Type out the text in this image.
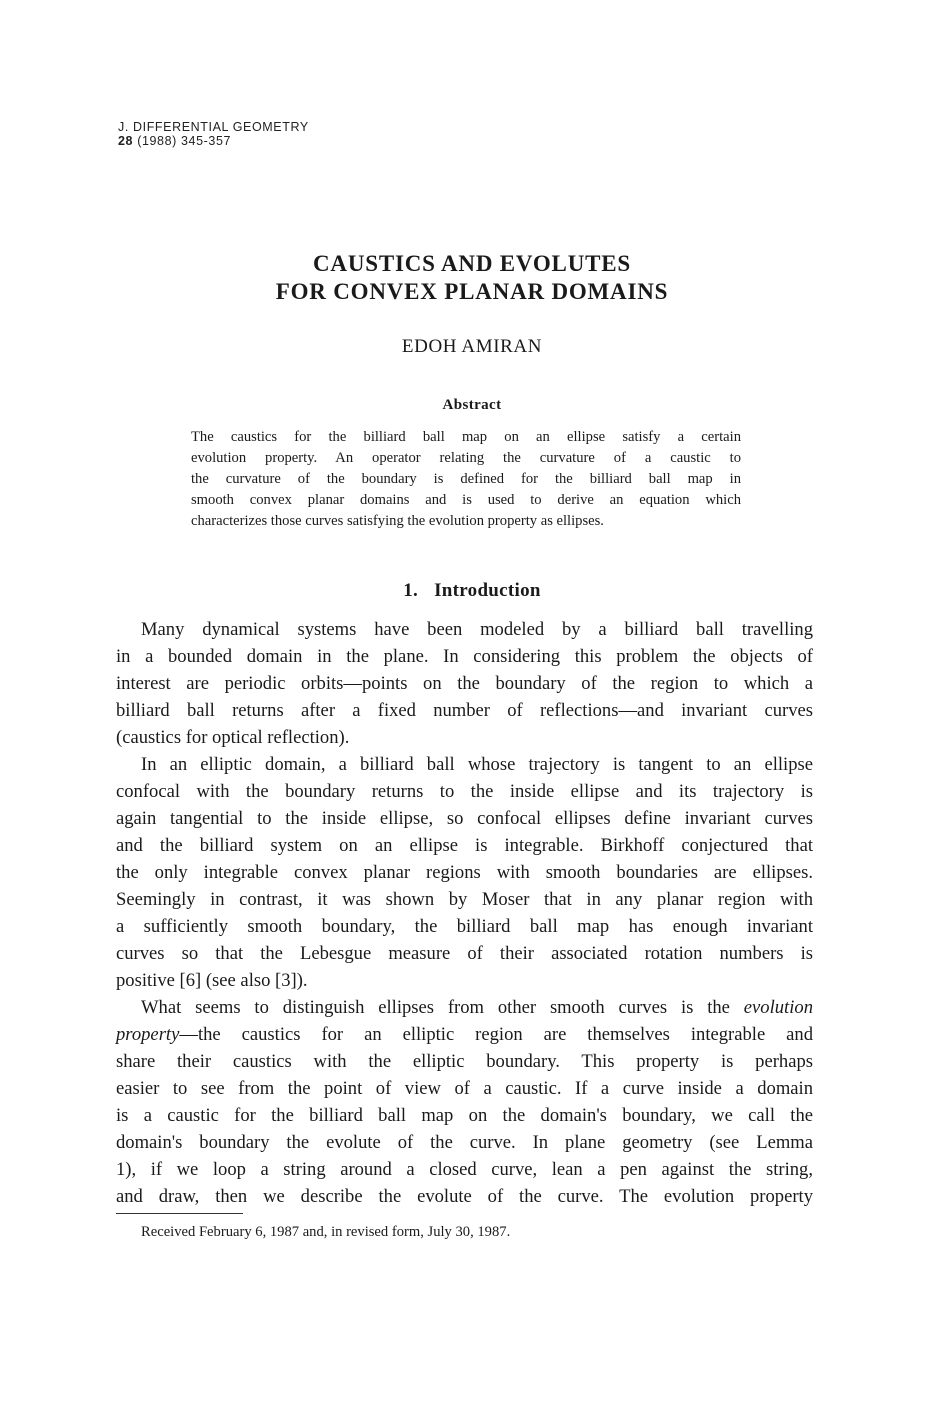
J. DIFFERENTIAL GEOMETRY
28 (1988) 345-357
CAUSTICS AND EVOLUTES
FOR CONVEX PLANAR DOMAINS
EDOH AMIRAN
Abstract
The caustics for the billiard ball map on an ellipse satisfy a certain
evolution property. An operator relating the curvature of a caustic to
the curvature of the boundary is defined for the billiard ball map in
smooth convex planar domains and is used to derive an equation which
characterizes those curves satisfying the evolution property as ellipses.
1. Introduction
Many dynamical systems have been modeled by a billiard ball travelling
in a bounded domain in the plane. In considering this problem the objects of
interest are periodic orbits—points on the boundary of the region to which a
billiard ball returns after a fixed number of reflections—and invariant curves
(caustics for optical reflection).
In an elliptic domain, a billiard ball whose trajectory is tangent to an ellipse
confocal with the boundary returns to the inside ellipse and its trajectory is
again tangential to the inside ellipse, so confocal ellipses define invariant curves
and the billiard system on an ellipse is integrable. Birkhoff conjectured that
the only integrable convex planar regions with smooth boundaries are ellipses.
Seemingly in contrast, it was shown by Moser that in any planar region with
a sufficiently smooth boundary, the billiard ball map has enough invariant
curves so that the Lebesgue measure of their associated rotation numbers is
positive [6] (see also [3]).
What seems to distinguish ellipses from other smooth curves is the evolution
property—the caustics for an elliptic region are themselves integrable and
share their caustics with the elliptic boundary. This property is perhaps
easier to see from the point of view of a caustic. If a curve inside a domain
is a caustic for the billiard ball map on the domain's boundary, we call the
domain's boundary the evolute of the curve. In plane geometry (see Lemma
1), if we loop a string around a closed curve, lean a pen against the string,
and draw, then we describe the evolute of the curve. The evolution property
Received February 6, 1987 and, in revised form, July 30, 1987.
